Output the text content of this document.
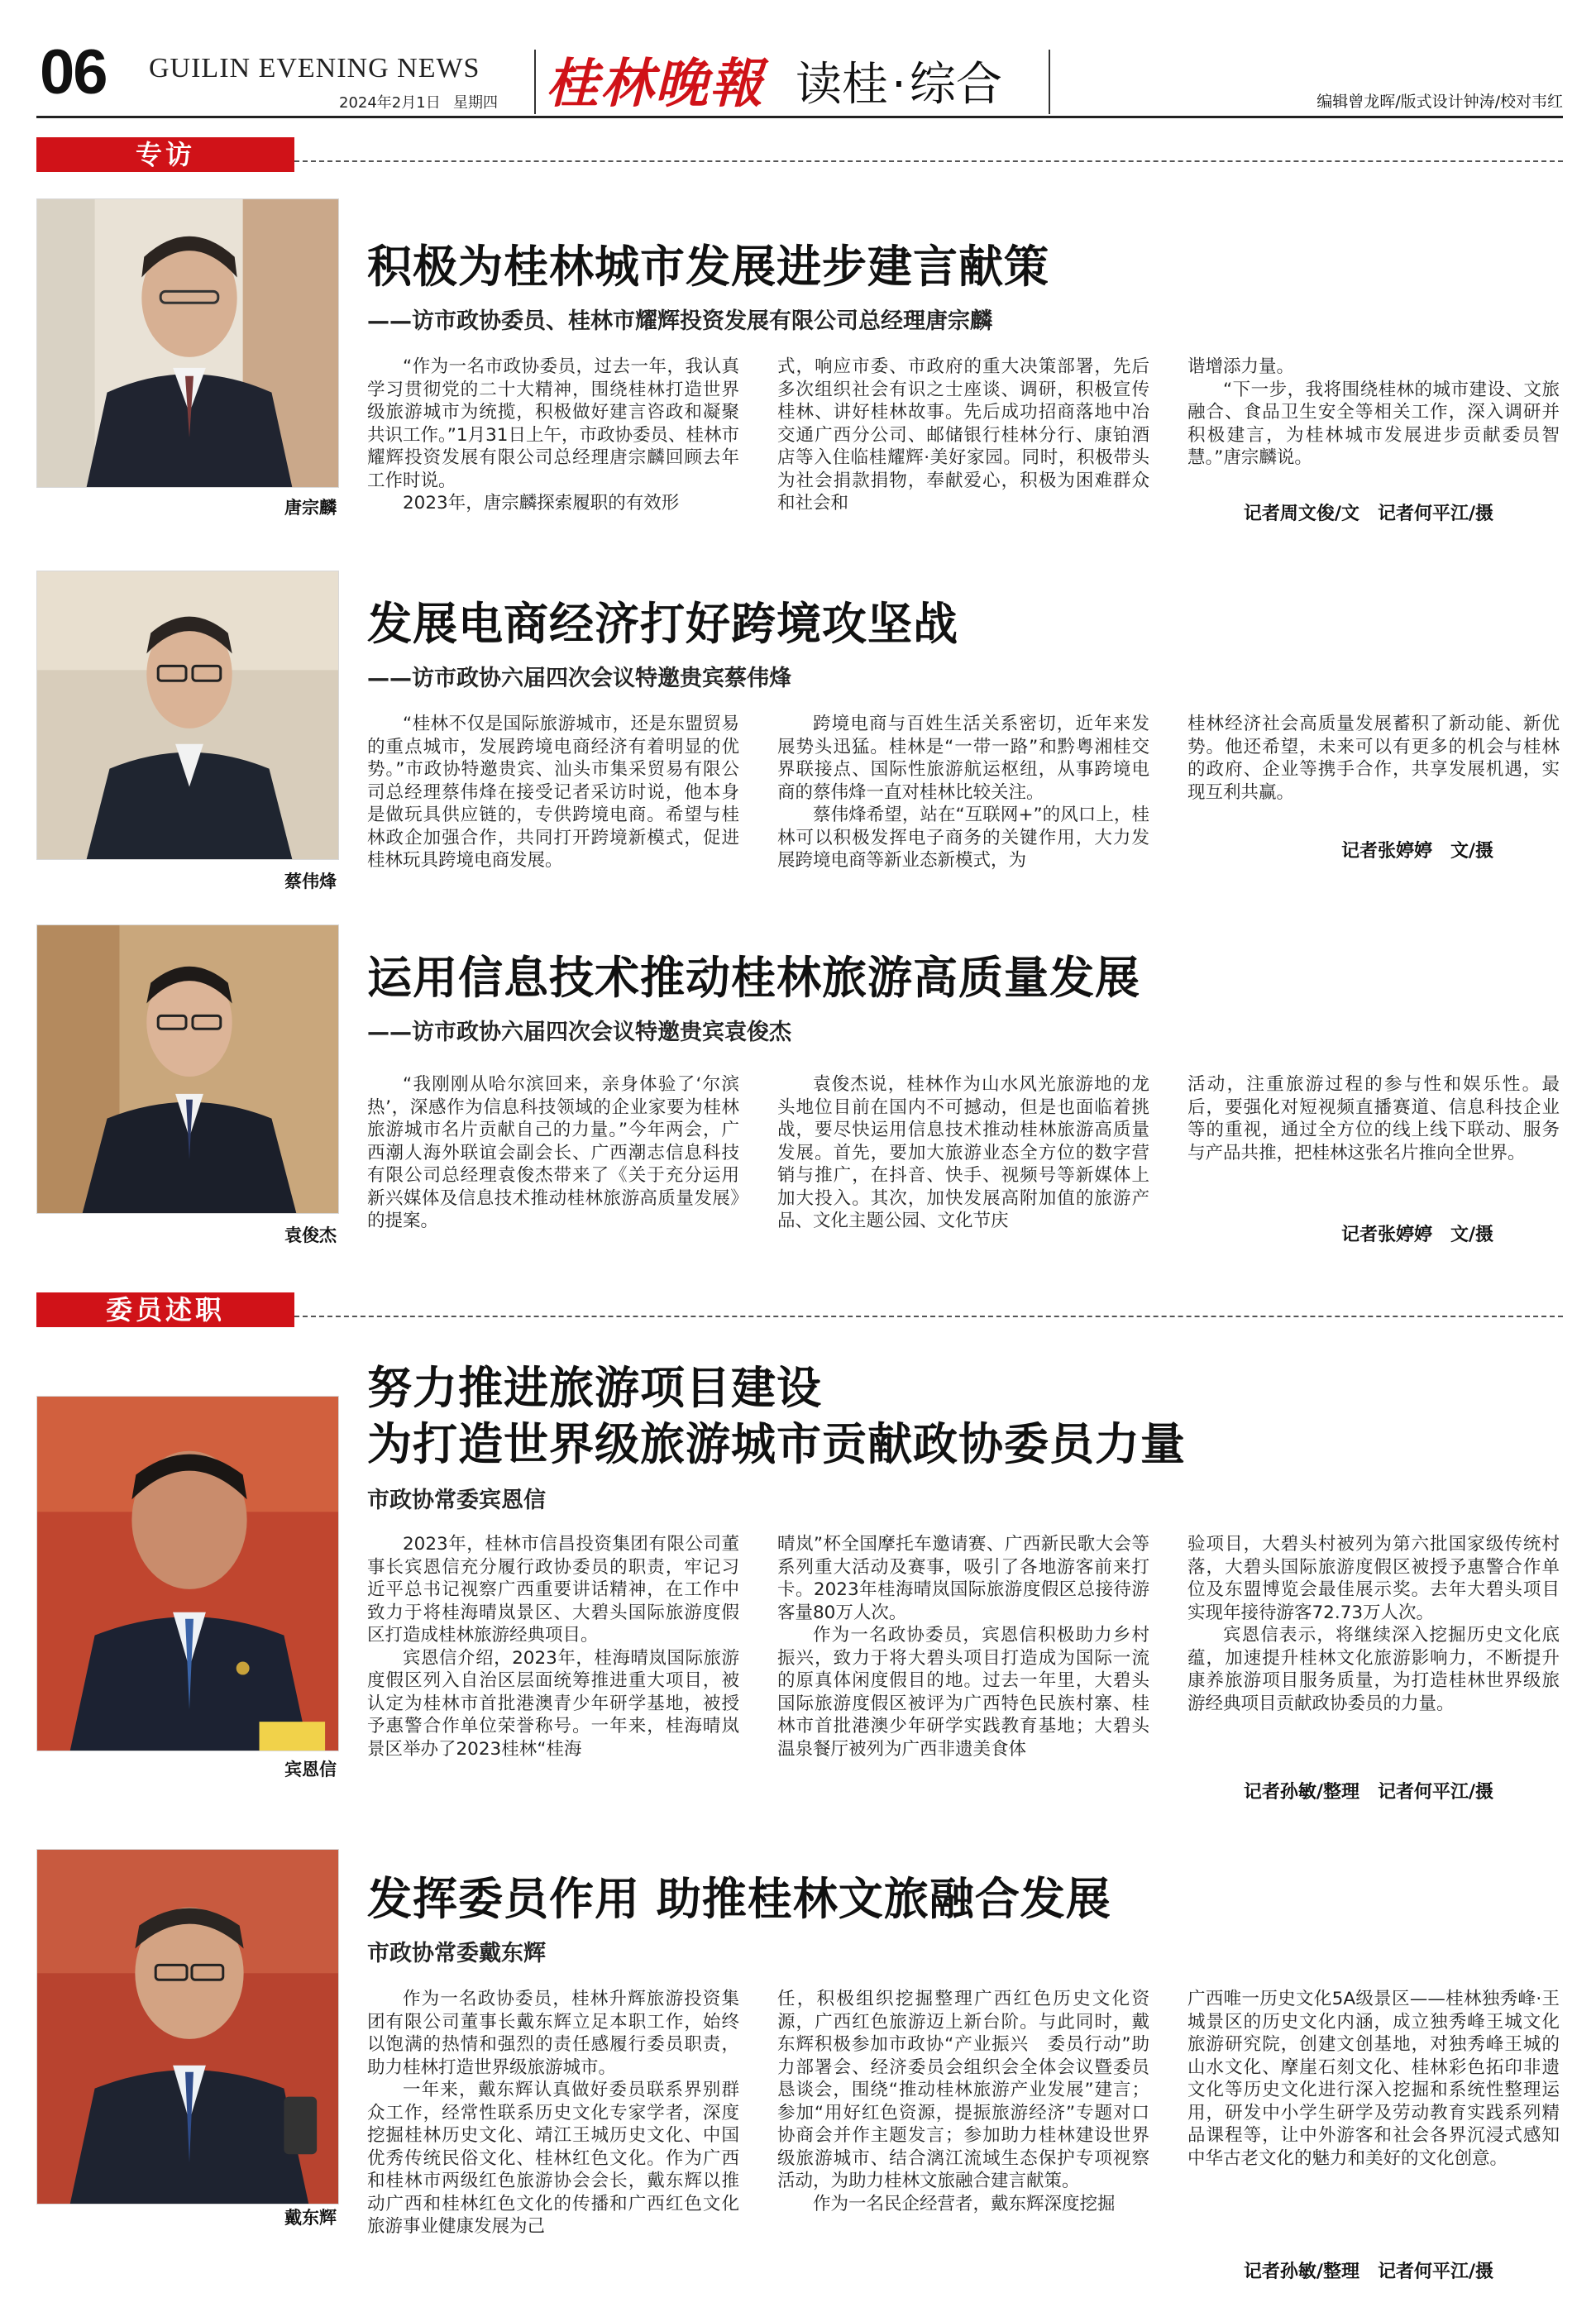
06 GUILIN EVENING NEWS
2024年2月1日 星期四 桂林晚報 读桂·综合	编辑曾龙晖/版式设计钟涛/校对韦红
专访
唐宗麟
积极为桂林城市发展进步建言献策
——访市政协委员、桂林市耀辉投资发展有限公司总经理唐宗麟

“作为一名市政协委员，过去一年，我认真学习贯彻党的二十大精神，围绕桂林打造世界级旅游城市为统揽，积极做好建言咨政和凝聚共识工作。”1月31日上午，市政协委员、桂林市耀辉投资发展有限公司总经理唐宗麟回顾去年工作时说。

2023年，唐宗麟探索履职的有效形

式，响应市委、市政府的重大决策部署，先后多次组织社会有识之士座谈、调研，积极宣传桂林、讲好桂林故事。先后成功招商落地中冶交通广西分公司、邮储银行桂林分行、康铂酒店等入住临桂耀辉·美好家园。同时，积极带头为社会捐款捐物，奉献爱心，积极为困难群众和社会和

谐增添力量。

“下一步，我将围绕桂林的城市建设、文旅融合、食品卫生安全等相关工作，深入调研并积极建言，为桂林城市发展进步贡献委员智慧。”唐宗麟说。

记者周文俊/文　记者何平江/摄
蔡伟烽
发展电商经济打好跨境攻坚战
——访市政协六届四次会议特邀贵宾蔡伟烽

“桂林不仅是国际旅游城市，还是东盟贸易的重点城市，发展跨境电商经济有着明显的优势。”市政协特邀贵宾、汕头市集采贸易有限公司总经理蔡伟烽在接受记者采访时说，他本身是做玩具供应链的，专供跨境电商。希望与桂林政企加强合作，共同打开跨境新模式，促进桂林玩具跨境电商发展。

跨境电商与百姓生活关系密切，近年来发展势头迅猛。桂林是“一带一路”和黔粤湘桂交界联接点、国际性旅游航运枢纽，从事跨境电商的蔡伟烽一直对桂林比较关注。

蔡伟烽希望，站在“互联网+”的风口上，桂林可以积极发挥电子商务的关键作用，大力发展跨境电商等新业态新模式，为

桂林经济社会高质量发展蓄积了新动能、新优势。他还希望，未来可以有更多的机会与桂林的政府、企业等携手合作，共享发展机遇，实现互利共赢。

记者张婷婷　文/摄
袁俊杰
运用信息技术推动桂林旅游高质量发展
——访市政协六届四次会议特邀贵宾袁俊杰

“我刚刚从哈尔滨回来，亲身体验了‘尔滨热’，深感作为信息科技领域的企业家要为桂林旅游城市名片贡献自己的力量。”今年两会，广西潮人海外联谊会副会长、广西潮志信息科技有限公司总经理袁俊杰带来了《关于充分运用新兴媒体及信息技术推动桂林旅游高质量发展》的提案。

袁俊杰说，桂林作为山水风光旅游地的龙头地位目前在国内不可撼动，但是也面临着挑战，要尽快运用信息技术推动桂林旅游高质量发展。首先，要加大旅游业态全方位的数字营销与推广，在抖音、快手、视频号等新媒体上加大投入。其次，加快发展高附加值的旅游产品、文化主题公园、文化节庆

活动，注重旅游过程的参与性和娱乐性。最后，要强化对短视频直播赛道、信息科技企业等的重视，通过全方位的线上线下联动、服务与产品共推，把桂林这张名片推向全世界。

记者张婷婷　文/摄
委员述职
宾恩信
努力推进旅游项目建设
为打造世界级旅游城市贡献政协委员力量
市政协常委宾恩信

2023年，桂林市信昌投资集团有限公司董事长宾恩信充分履行政协委员的职责，牢记习近平总书记视察广西重要讲话精神，在工作中致力于将桂海晴岚景区、大碧头国际旅游度假区打造成桂林旅游经典项目。

宾恩信介绍，2023年，桂海晴岚国际旅游度假区列入自治区层面统筹推进重大项目，被认定为桂林市首批港澳青少年研学基地，被授予惠警合作单位荣誉称号。一年来，桂海晴岚景区举办了2023桂林“桂海

晴岚”杯全国摩托车邀请赛、广西新民歌大会等系列重大活动及赛事，吸引了各地游客前来打卡。2023年桂海晴岚国际旅游度假区总接待游客量80万人次。

作为一名政协委员，宾恩信积极助力乡村振兴，致力于将大碧头项目打造成为国际一流的原真体闲度假目的地。过去一年里，大碧头国际旅游度假区被评为广西特色民族村寨、桂林市首批港澳少年研学实践教育基地；大碧头温泉餐厅被列为广西非遗美食体

验项目，大碧头村被列为第六批国家级传统村落，大碧头国际旅游度假区被授予惠警合作单位及东盟博览会最佳展示奖。去年大碧头项目实现年接待游客72.73万人次。

宾恩信表示，将继续深入挖掘历史文化底蕴，加速提升桂林文化旅游影响力，不断提升康养旅游项目服务质量，为打造桂林世界级旅游经典项目贡献政协委员的力量。

记者孙敏/整理　记者何平江/摄
戴东辉
发挥委员作用 助推桂林文旅融合发展
市政协常委戴东辉

作为一名政协委员，桂林升辉旅游投资集团有限公司董事长戴东辉立足本职工作，始终以饱满的热情和强烈的责任感履行委员职责，助力桂林打造世界级旅游城市。

一年来，戴东辉认真做好委员联系界别群众工作，经常性联系历史文化专家学者，深度挖掘桂林历史文化、靖江王城历史文化、中国优秀传统民俗文化、桂林红色文化。作为广西和桂林市两级红色旅游协会会长，戴东辉以推动广西和桂林红色文化的传播和广西红色文化旅游事业健康发展为己

任，积极组织挖掘整理广西红色历史文化资源，广西红色旅游迈上新台阶。与此同时，戴东辉积极参加市政协“产业振兴　委员行动”助力部署会、经济委员会组织会全体会议暨委员恳谈会，围绕“推动桂林旅游产业发展”建言；参加“用好红色资源，提振旅游经济”专题对口协商会并作主题发言；参加助力桂林建设世界级旅游城市、结合漓江流域生态保护专项视察活动，为助力桂林文旅融合建言献策。

作为一名民企经营者，戴东辉深度挖掘

广西唯一历史文化5A级景区——桂林独秀峰·王城景区的历史文化内涵，成立独秀峰王城文化旅游研究院，创建文创基地，对独秀峰王城的山水文化、摩崖石刻文化、桂林彩色拓印非遗文化等历史文化进行深入挖掘和系统性整理运用，研发中小学生研学及劳动教育实践系列精品课程等，让中外游客和社会各界沉浸式感知中华古老文化的魅力和美好的文化创意。

记者孙敏/整理　记者何平江/摄
